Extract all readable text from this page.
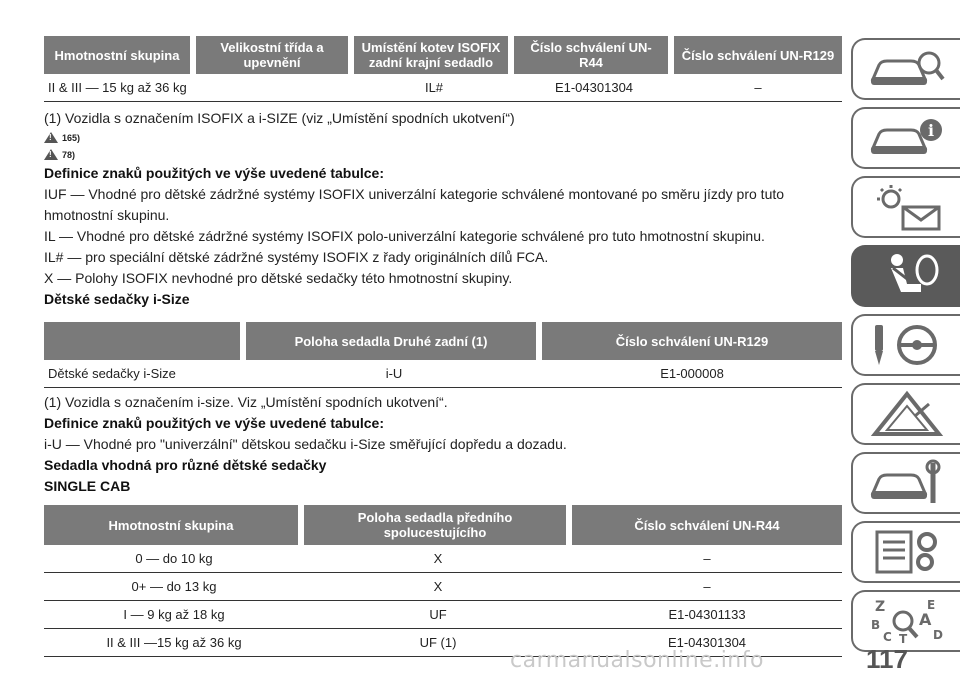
Hmotnostní skupina	Velikostní třída a upevnění	Umístění kotev ISOFIX zadní krajní sedadlo	Číslo schválení UN-R44	Číslo schválení UN-R129
II & III — 15 kg až 36 kg		IL#	E1-04301304	–

(1) Vozidla s označením ISOFIX a i-SIZE (viz „Umístění spodních ukotvení“)

!
165)
!
78)
Definice znaků použitých ve výše uvedené tabulce:

IUF — Vhodné pro dětské zádržné systémy ISOFIX univerzální kategorie schválené montované po směru jízdy pro tuto hmotnostní skupinu.

IL — Vhodné pro dětské zádržné systémy ISOFIX polo-univerzální kategorie schválené pro tuto hmotnostní skupinu.

IL# — pro speciální dětské zádržné systémy ISOFIX z řady originálních dílů FCA.

X — Polohy ISOFIX nevhodné pro dětské sedačky této hmotnostní skupiny.

Dětské sedačky i-Size
	Poloha sedadla Druhé zadní (1)	Číslo schválení UN-R129
Dětské sedačky i-Size	i-U	E1-000008

(1) Vozidla s označením i-size. Viz „Umístění spodních ukotvení“.

Definice znaků použitých ve výše uvedené tabulce:

i-U — Vhodné pro "univerzální" dětskou sedačku i-Size směřující dopředu a dozadu.

Sedadla vhodná pro různé dětské sedačky
SINGLE CAB
Hmotnostní skupina	Poloha sedadla předního spolucestujícího	Číslo schválení UN-R44
0 — do 10 kg	X	–
0+ — do 13 kg	X	–
I — 9 kg až 18 kg	UF	E1-04301133
II & III —15 kg až 36 kg	UF (1)	E1-04301304
i
Z	E
A
B
C T D
carmanualsonline.info	117
